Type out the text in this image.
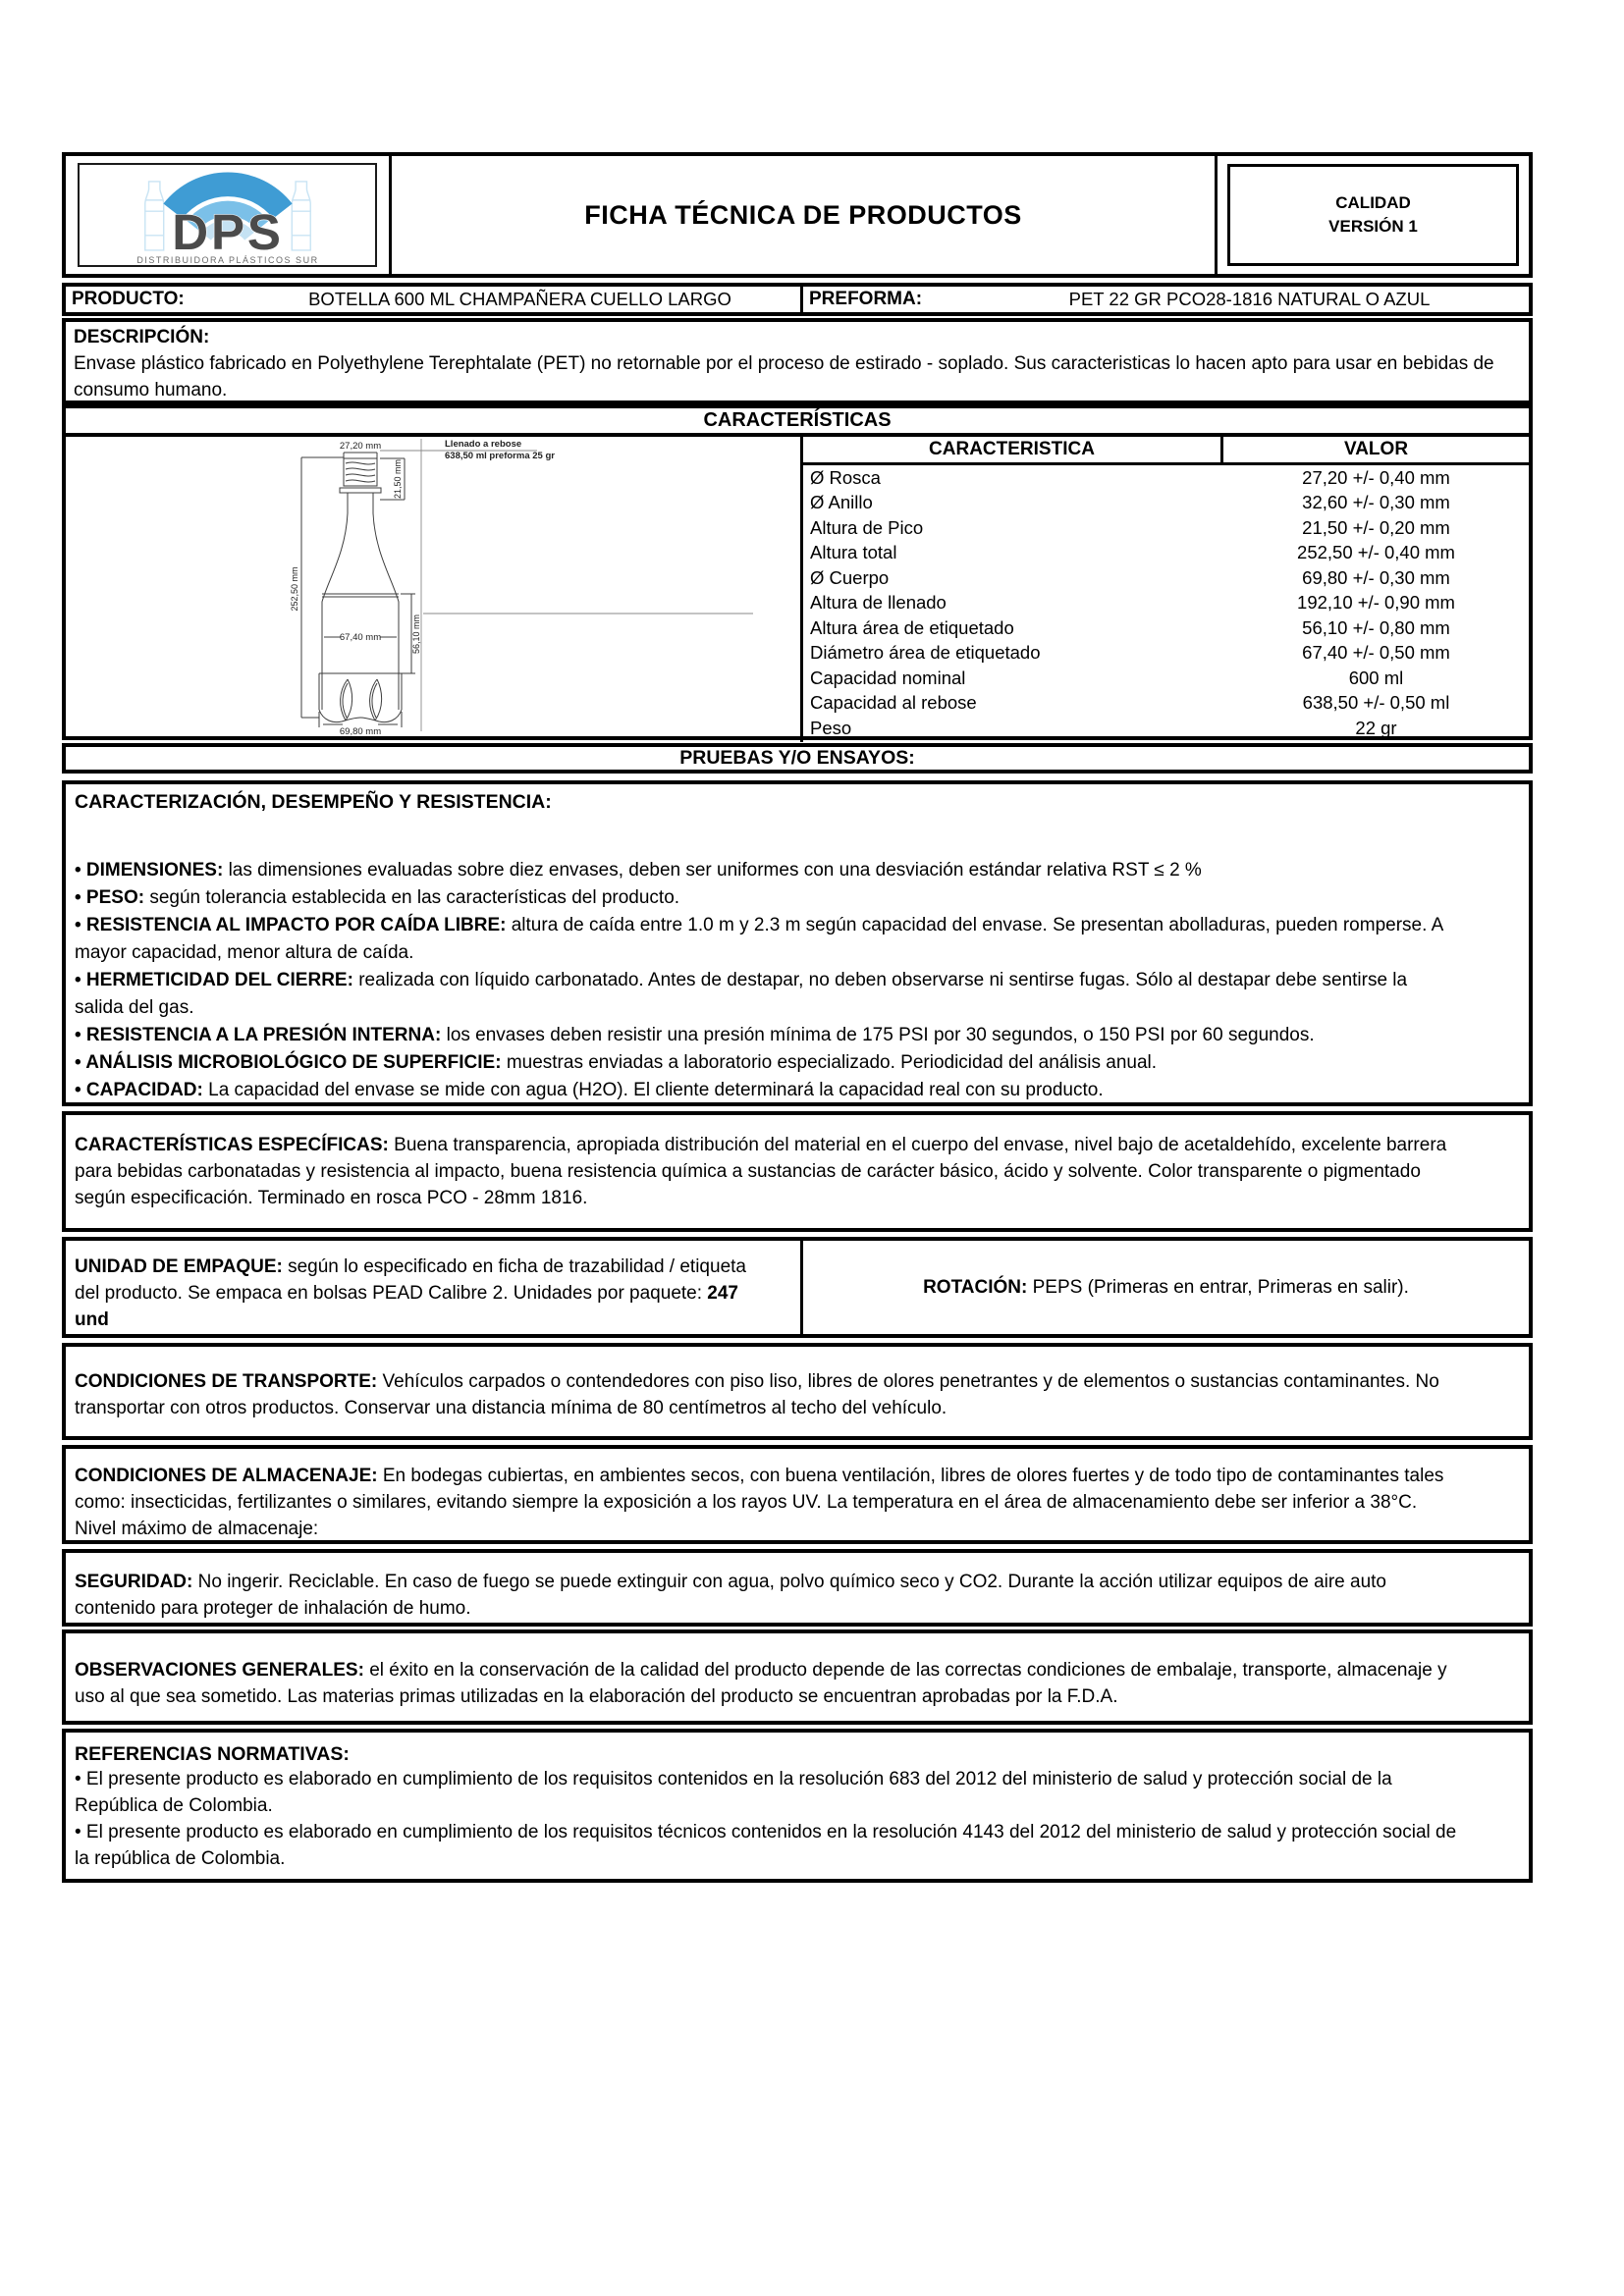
DPS
DISTRIBUIDORA PLÁSTICOS SUR
FICHA TÉCNICA DE PRODUCTOS	CALIDAD
VERSIÓN 1
PRODUCTO:	BOTELLA 600 ML CHAMPAÑERA CUELLO LARGO	PREFORMA:	PET 22 GR PCO28-1816 NATURAL O AZUL
DESCRIPCIÓN:
Envase plástico fabricado en Polyethylene Terephtalate (PET) no retornable por el proceso de estirado - soplado. Sus caracteristicas lo hacen apto para usar en bebidas de consumo humano.
CARACTERÍSTICAS
27,20 mm
21,50 mm
252,50 mm
67,40 mm	56,10 mm
69,80 mm
Llenado a rebose
638,50 ml preforma 25 gr	CARACTERISTICA	VALOR
Ø Rosca	27,20 +/- 0,40 mm
Ø Anillo	32,60 +/- 0,30 mm
Altura de Pico	21,50 +/- 0,20 mm
Altura total	252,50 +/- 0,40 mm
Ø Cuerpo	69,80 +/- 0,30 mm
Altura de llenado	192,10 +/- 0,90 mm
Altura área de etiquetado	56,10 +/- 0,80 mm
Diámetro área de etiquetado	67,40 +/- 0,50 mm
Capacidad nominal	600 ml
Capacidad al rebose	638,50 +/- 0,50 ml
Peso	22 gr
PRUEBAS Y/O ENSAYOS:
CARACTERIZACIÓN, DESEMPEÑO Y RESISTENCIA:
• DIMENSIONES: las dimensiones evaluadas sobre diez envases, deben ser uniformes con una desviación estándar relativa RST ≤ 2 %
• PESO: según tolerancia establecida en las características del producto.
• RESISTENCIA AL IMPACTO POR CAÍDA LIBRE: altura de caída entre 1.0 m y 2.3 m según capacidad del envase. Se presentan abolladuras, pueden romperse. A mayor capacidad, menor altura de caída.
• HERMETICIDAD DEL CIERRE: realizada con líquido carbonatado. Antes de destapar, no deben observarse ni sentirse fugas. Sólo al destapar debe sentirse la salida del gas.
• RESISTENCIA A LA PRESIÓN INTERNA: los envases deben resistir una presión mínima de 175 PSI por 30 segundos, o 150 PSI por 60 segundos.
• ANÁLISIS MICROBIOLÓGICO DE SUPERFICIE: muestras enviadas a laboratorio especializado. Periodicidad del análisis anual.
• CAPACIDAD: La capacidad del envase se mide con agua (H2O). El cliente determinará la capacidad real con su producto.
CARACTERÍSTICAS ESPECÍFICAS: Buena transparencia, apropiada distribución del material en el cuerpo del envase, nivel bajo de acetaldehído, excelente barrera para bebidas carbonatadas y resistencia al impacto, buena resistencia química a sustancias de carácter básico, ácido y solvente. Color transparente o pigmentado según especificación. Terminado en rosca PCO - 28mm 1816.
UNIDAD DE EMPAQUE: según lo especificado en ficha de trazabilidad / etiqueta del producto. Se empaca en bolsas PEAD Calibre 2. Unidades por paquete: 247 und
ROTACIÓN: PEPS (Primeras en entrar, Primeras en salir).
CONDICIONES DE TRANSPORTE: Vehículos carpados o contendedores con piso liso, libres de olores penetrantes y de elementos o sustancias contaminantes. No transportar con otros productos. Conservar una distancia mínima de 80 centímetros al techo del vehículo.
CONDICIONES DE ALMACENAJE: En bodegas cubiertas, en ambientes secos, con buena ventilación, libres de olores fuertes y de todo tipo de contaminantes tales como: insecticidas, fertilizantes o similares, evitando siempre la exposición a los rayos UV. La temperatura en el área de almacenamiento debe ser inferior a 38°C. Nivel máximo de almacenaje:
SEGURIDAD: No ingerir. Reciclable. En caso de fuego se puede extinguir con agua, polvo químico seco y CO2. Durante la acción utilizar equipos de aire auto contenido para proteger de inhalación de humo.
OBSERVACIONES GENERALES: el éxito en la conservación de la calidad del producto depende de las correctas condiciones de embalaje, transporte, almacenaje y uso al que sea sometido. Las materias primas utilizadas en la elaboración del producto se encuentran aprobadas por la F.D.A.
REFERENCIAS NORMATIVAS:
• El presente producto es elaborado en cumplimiento de los requisitos contenidos en la resolución 683 del 2012 del ministerio de salud y protección social de la República de Colombia.
• El presente producto es elaborado en cumplimiento de los requisitos técnicos contenidos en la resolución 4143 del 2012 del ministerio de salud y protección social de la república de Colombia.
